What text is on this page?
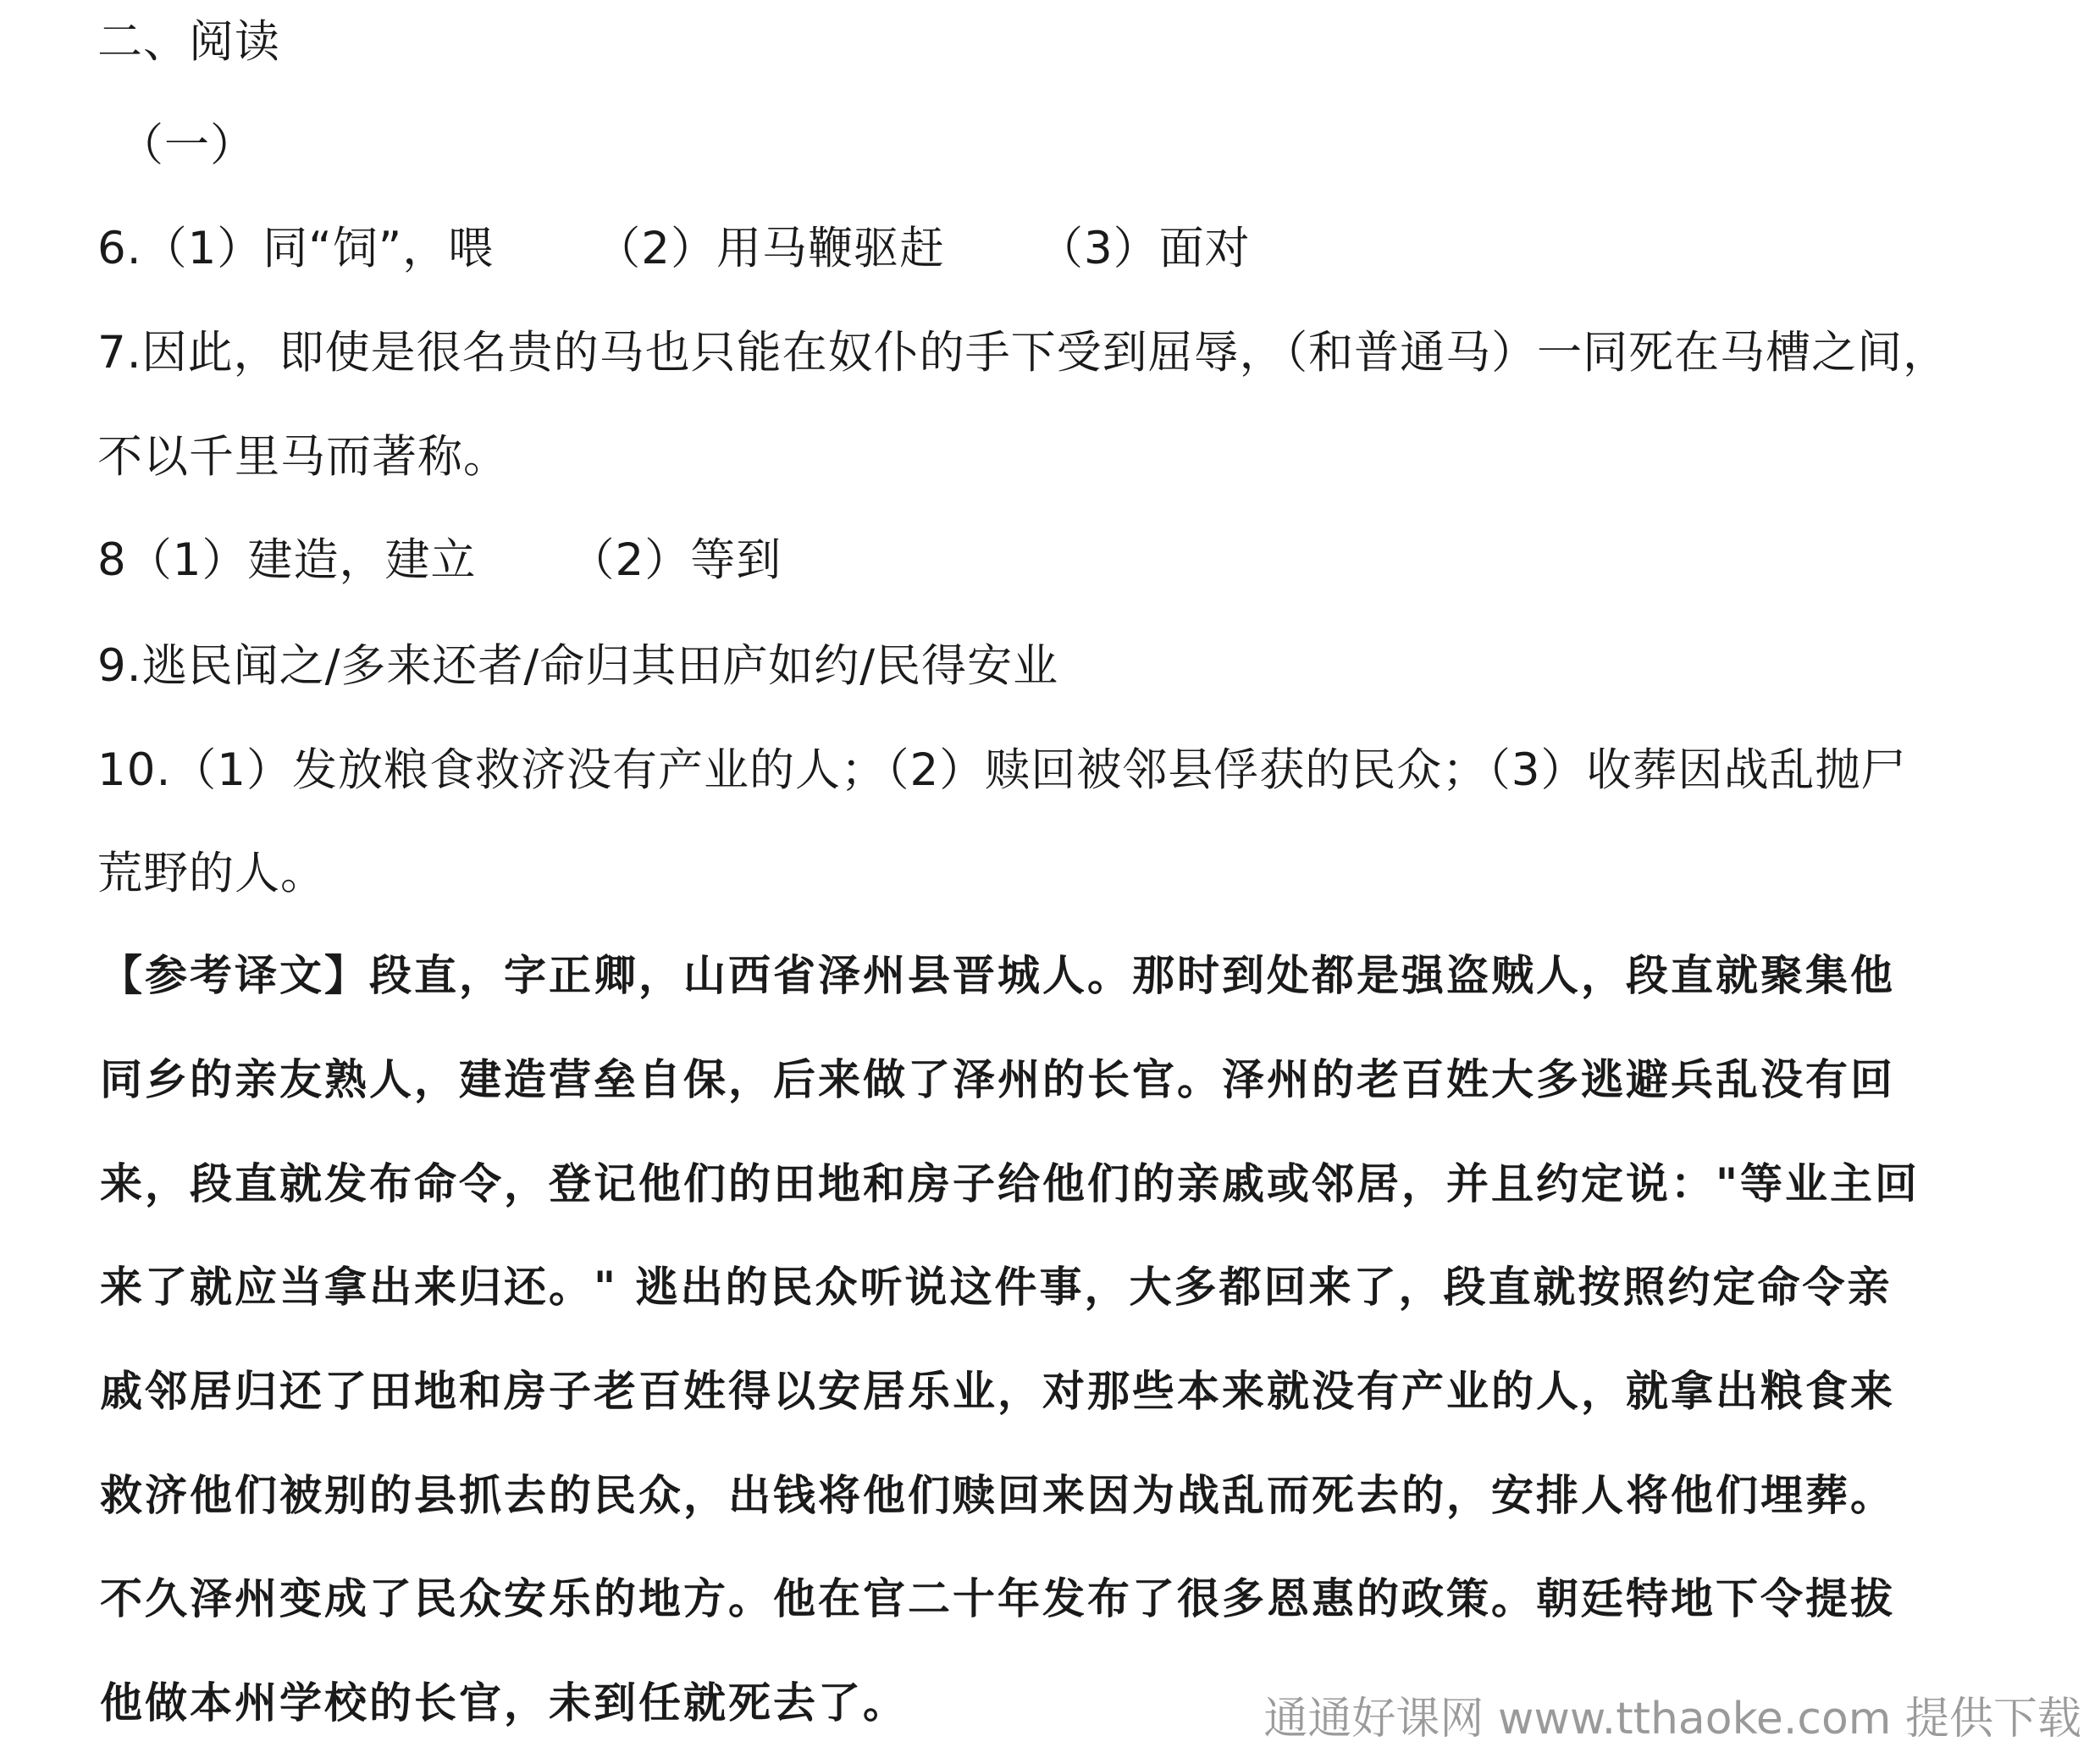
二、阅读
（一）
6.（1）同“饲”，喂 （2）用马鞭驱赶 （3）面对
7.因此，即使是很名贵的马也只能在奴仆的手下受到屈辱，（和普通马）一同死在马槽之间，
不以千里马而著称。
8（1）建造，建立 （2）等到
9.逃民闻之/多来还者/命归其田庐如约/民得安业
10.（1）发放粮食救济没有产业的人；（2）赎回被邻县俘获的民众；（3）收葬因战乱抛尸
荒野的人。
【参考译文】段直，字正卿，山西省泽州县晋城人。那时到处都是强盗贼人，段直就聚集他
同乡的亲友熟人，建造营垒自保，后来做了泽州的长官。泽州的老百姓大多逃避兵乱没有回
来，段直就发布命令，登记他们的田地和房子给他们的亲戚或邻居，并且约定说："等业主回
来了就应当拿出来归还。" 逃出的民众听说这件事，大多都回来了，段直就按照约定命令亲
戚邻居归还了田地和房子老百姓得以安居乐业，对那些本来就没有产业的人，就拿出粮食来
救济他们被别的县抓去的民众，出钱将他们赎回来因为战乱而死去的，安排人将他们埋葬。
不久泽州变成了民众安乐的地方。他在官二十年发布了很多恩惠的政策。朝廷特地下令提拔
他做本州学校的长官，未到任就死去了。	通通好课网 www.tthaoke.com 提供下载
